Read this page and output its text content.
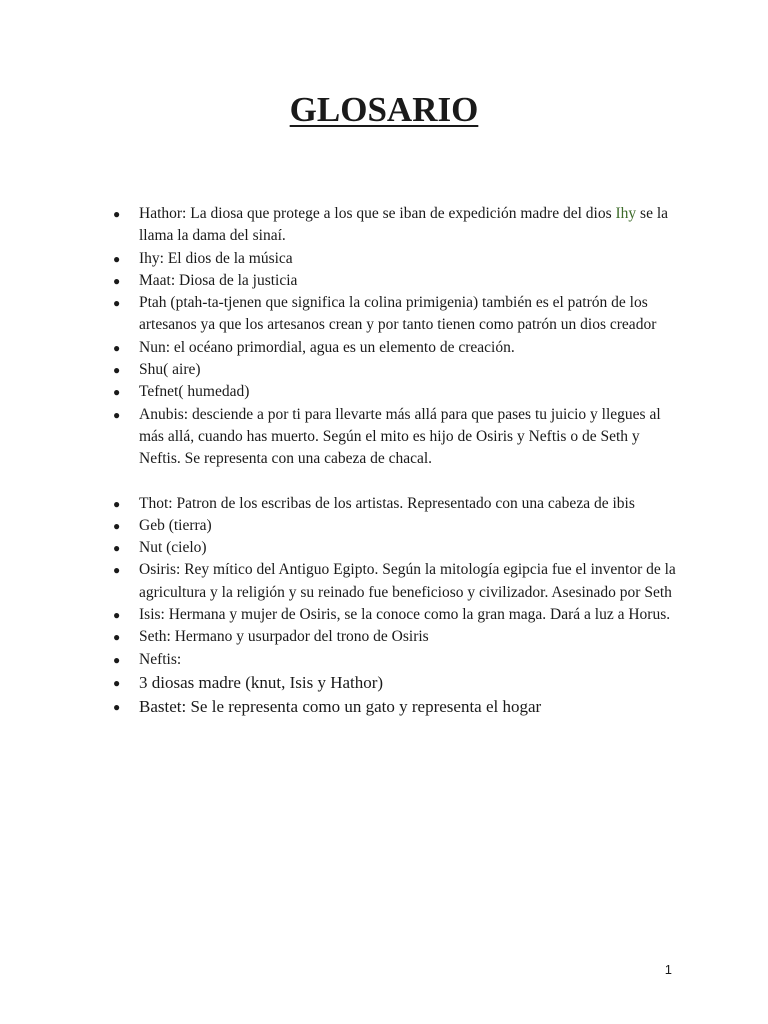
GLOSARIO
● Hathor: La diosa que protege a los que se iban de expedición madre del dios Ihy se la llama la dama del sinaí.
● Ihy: El dios de la música
● Maat: Diosa de la justicia
● Ptah (ptah-ta-tjenen que significa la colina primigenia) también es el patrón de los artesanos ya que los artesanos crean y por tanto tienen como patrón un dios creador
● Nun: el océano primordial, agua es un elemento de creación.
● Shu( aire)
● Tefnet( humedad)
● Anubis: desciende a por ti para llevarte más allá para que pases tu juicio y llegues al más allá, cuando has muerto. Según el mito es hijo de Osiris y Neftis o de Seth y Neftis. Se representa con una cabeza de chacal.
● Thot: Patron de los escribas de los artistas. Representado con una cabeza de ibis
● Geb (tierra)
● Nut (cielo)
● Osiris: Rey mítico del Antiguo Egipto. Según la mitología egipcia fue el inventor de la agricultura y la religión y su reinado fue beneficioso y civilizador. Asesinado por Seth
● Isis: Hermana y mujer de Osiris, se la conoce como la gran maga. Dará a luz a Horus.
● Seth: Hermano y usurpador del trono de Osiris
● Neftis:
● 3 diosas madre (knut, Isis y Hathor)
● Bastet: Se le representa como un gato y representa el hogar
1
